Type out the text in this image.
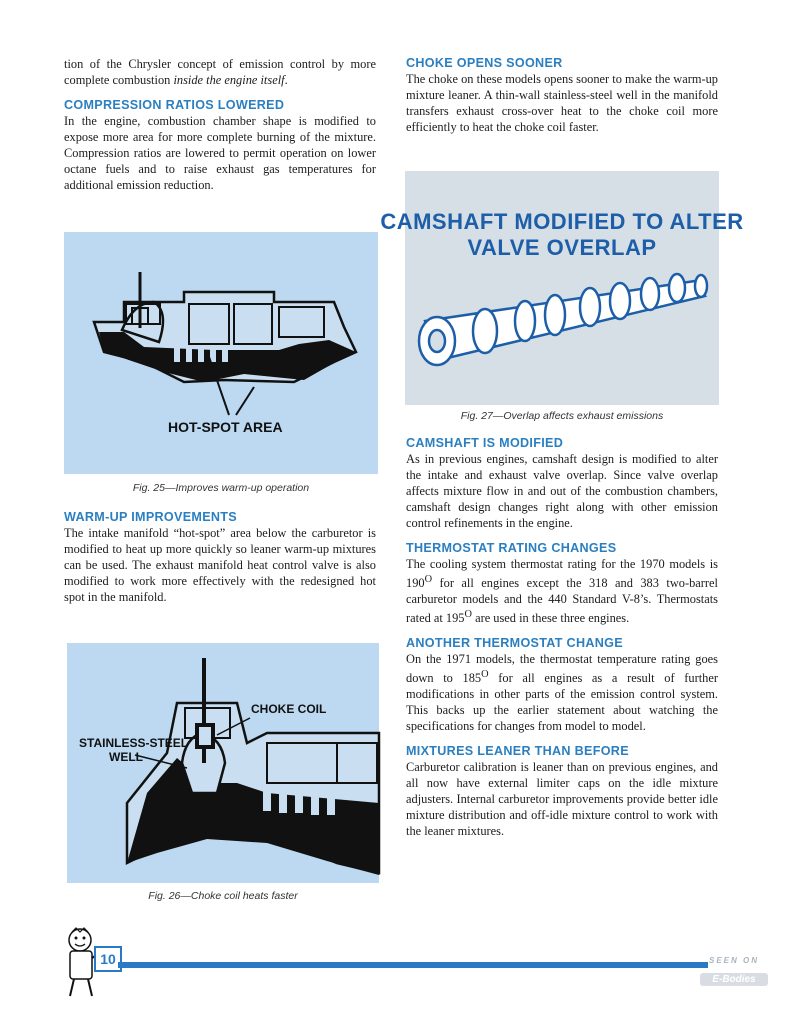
tion of the Chrysler concept of emission control by more complete combustion inside the engine itself.

COMPRESSION RATIOS LOWERED

In the engine, combustion chamber shape is modified to expose more area for more complete burning of the mixture. Compression ratios are lowered to permit operation on lower octane fuels and to raise exhaust gas temperatures for additional emission reduction.

HOT-SPOT AREA
Fig. 25—Improves warm-up operation
WARM-UP IMPROVEMENTS

The intake manifold “hot-spot” area below the carburetor is modified to heat up more quickly so leaner warm-up mixtures can be used. The exhaust manifold heat control valve is also modified to work more effectively with the redesigned hot spot in the manifold.

CHOKE COIL
STAINLESS-STEEL
WELL
Fig. 26—Choke coil heats faster
CHOKE OPENS SOONER

The choke on these models opens sooner to make the warm-up mixture leaner. A thin-wall stainless-steel well in the manifold transfers exhaust cross-over heat to the choke coil more efficiently to heat the choke coil faster.

CAMSHAFT MODIFIED TO ALTER
VALVE OVERLAP
Fig. 27—Overlap affects exhaust emissions
CAMSHAFT IS MODIFIED

As in previous engines, camshaft design is modified to alter the intake and exhaust valve overlap. Since valve overlap affects mixture flow in and out of the combustion chambers, camshaft design changes right along with other emission control refinements in the engine.

THERMOSTAT RATING CHANGES

The cooling system thermostat rating for the 1970 models is $190^O$ for all engines except the 318 and 383 two-barrel carburetor models and the 440 Standard V-8’s. Thermostats rated at $195^O$ are used in these three engines.

ANOTHER THERMOSTAT CHANGE

On the 1971 models, the thermostat temperature rating goes down to $185^O$ for all engines as a result of further modifications in other parts of the emission control system. This backs up the earlier statement about watching the specifications for changes from model to model.

MIXTURES LEANER THAN BEFORE

Carburetor calibration is leaner than on previous engines, and all now have external limiter caps on the idle mixture adjusters. Internal carburetor improvements provide better idle mixture distribution and off-idle mixture control to work with the leaner mixtures.

10	SEEN ON
E-Bodies
